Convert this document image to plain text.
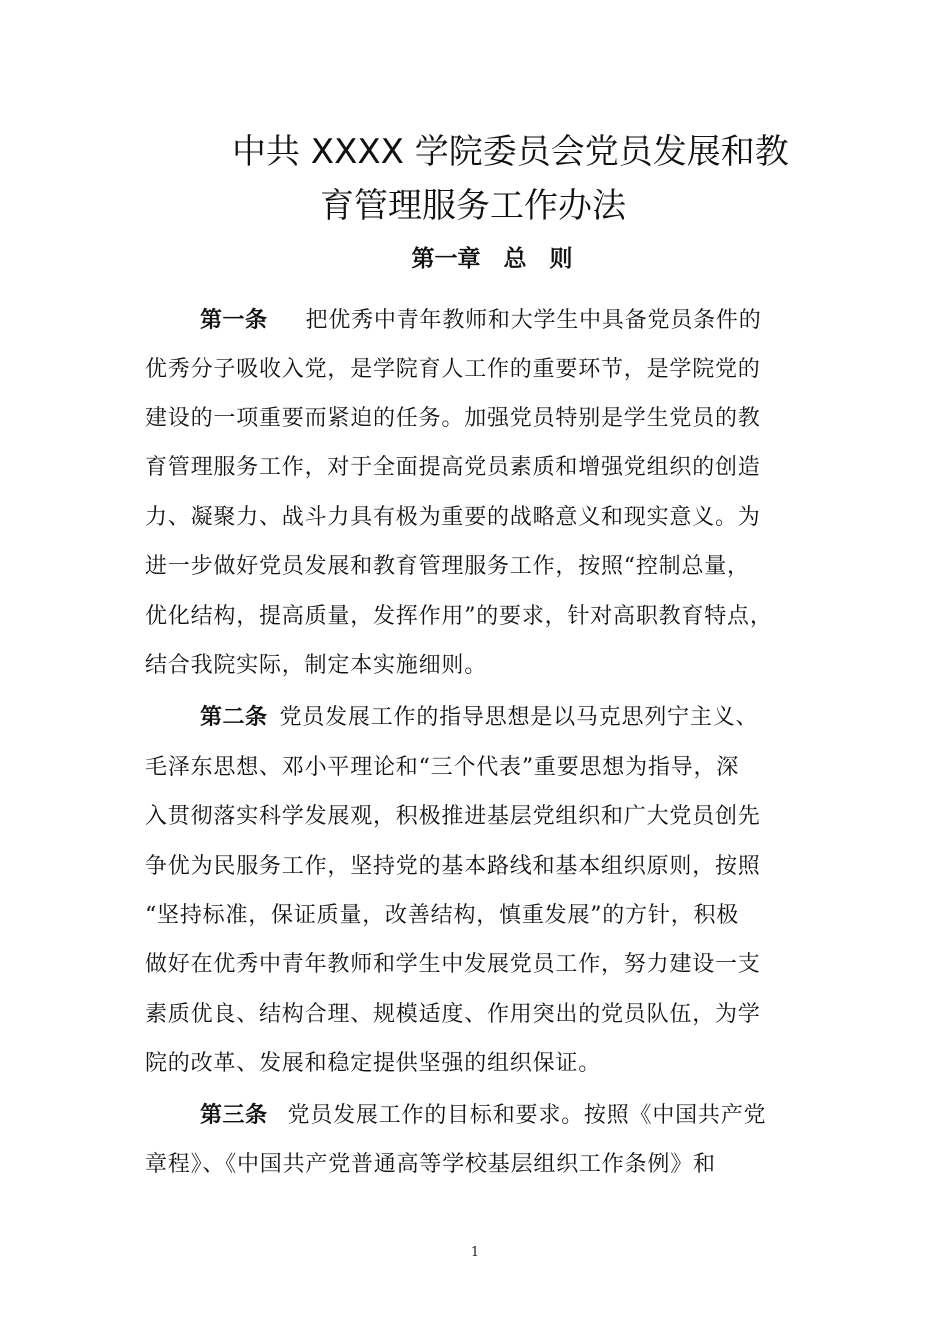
中共 XXXX 学院委员会党员发展和教
育管理服务工作办法
第一章　总　则
第一条 把优秀中青年教师和大学生中具备党员条件的
优秀分子吸收入党，是学院育人工作的重要环节，是学院党的
建设的一项重要而紧迫的任务。加强党员特别是学生党员的教
育管理服务工作，对于全面提高党员素质和增强党组织的创造
力、凝聚力、战斗力具有极为重要的战略意义和现实意义。为
进一步做好党员发展和教育管理服务工作，按照“控制总量，
优化结构，提高质量，发挥作用”的要求，针对高职教育特点，
结合我院实际，制定本实施细则。
第二条 党员发展工作的指导思想是以马克思列宁主义、
毛泽东思想、邓小平理论和“三个代表”重要思想为指导，深
入贯彻落实科学发展观，积极推进基层党组织和广大党员创先
争优为民服务工作，坚持党的基本路线和基本组织原则，按照
“坚持标准，保证质量，改善结构，慎重发展”的方针，积极
做好在优秀中青年教师和学生中发展党员工作，努力建设一支
素质优良、结构合理、规模适度、作用突出的党员队伍，为学
院的改革、发展和稳定提供坚强的组织保证。
第三条 党员发展工作的目标和要求。按照《中国共产党
章程》、《中国共产党普通高等学校基层组织工作条例》和
1
